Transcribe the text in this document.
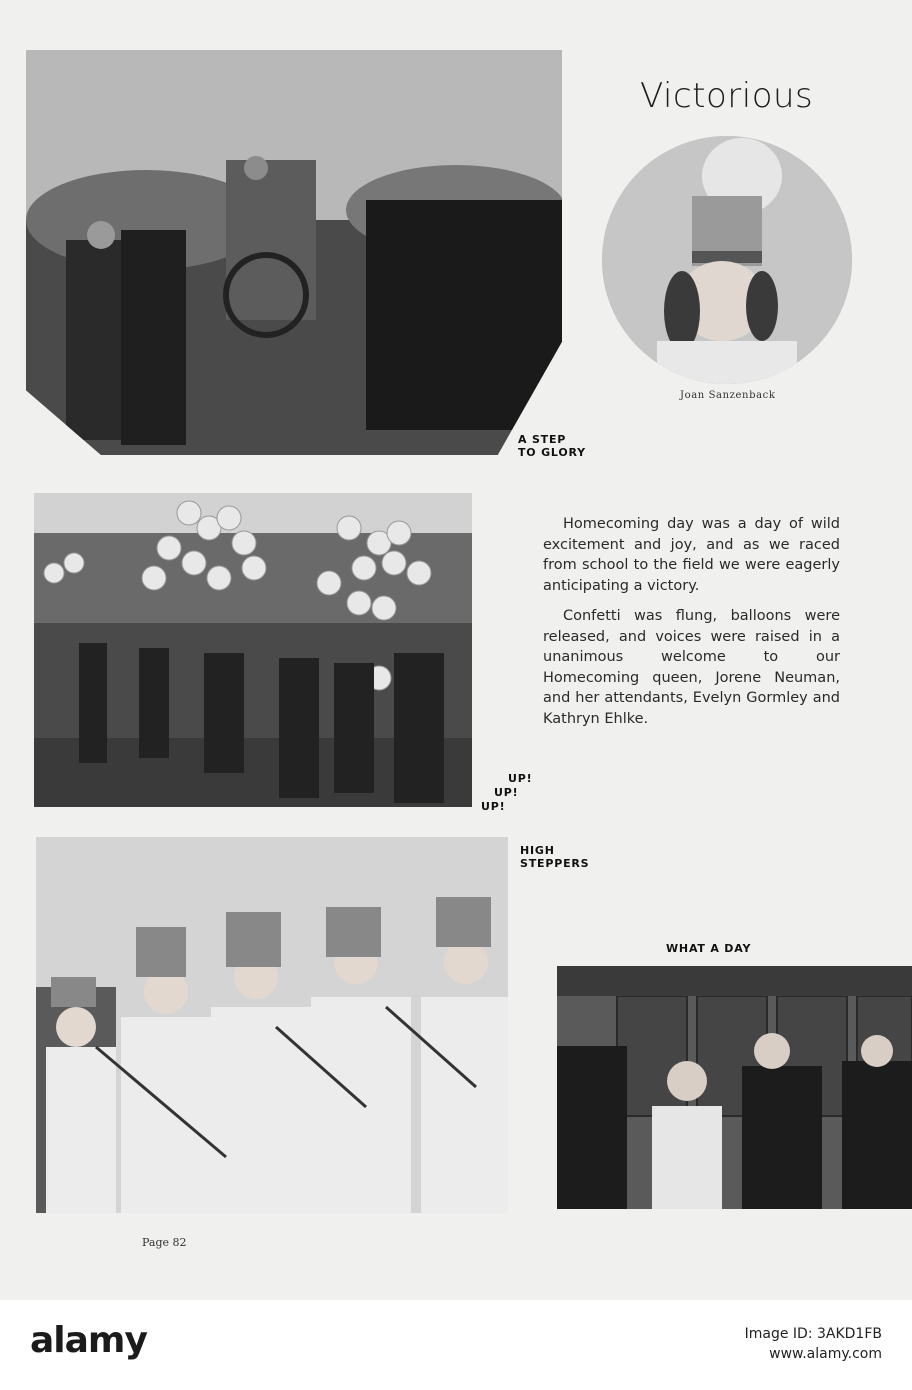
Victorious
Joan Sanzenback
A STEP
TO GLORY

Homecoming day was a day of wild excitement and joy, and as we raced from school to the field we were eagerly anticipating a victory.

Confetti was flung, balloons were released, and voices were raised in a unanimous welcome to our Homecoming queen, Jorene Neuman, and her attendants, Evelyn Gormley and Kathryn Ehlke.

UP!
UP!
UP!
HIGH
STEPPERS
WHAT A DAY
Page 82
alamy	Image ID: 3AKD1FB
www.alamy.com
